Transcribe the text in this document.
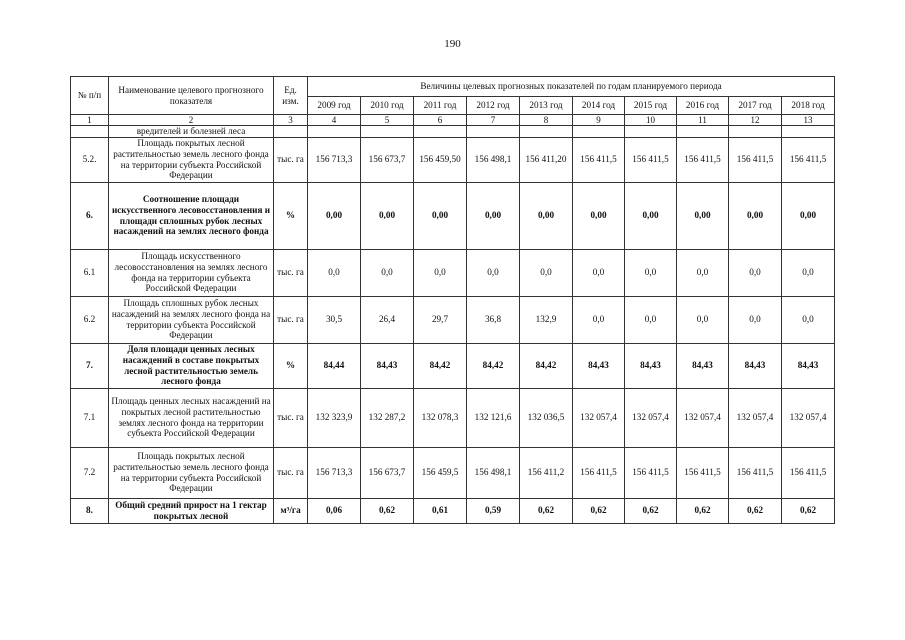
190
№ п/п	Наименование целевого прогнозного показателя	Ед. изм.	Величины целевых прогнозных показателей по годам планируемого периода									
			2009 год	2010 год	2011 год	2012 год	2013 год	2014 год	2015 год	2016 год	2017 год	2018 год
1	2	3	4	5	6	7	8	9	10	11	12	13
	вредителей и болезней леса											
5.2.	Площадь покрытых лесной растительностью земель лесного фонда на территории субъекта Российской Федерации	тыс. га	156 713,3	156 673,7	156 459,50	156 498,1	156 411,20	156 411,5	156 411,5	156 411,5	156 411,5	156 411,5
6.	Соотношение площади искусственного лесовосстановления и площади сплошных рубок лесных насаждений на землях лесного фонда	%	0,00	0,00	0,00	0,00	0,00	0,00	0,00	0,00	0,00	0,00
6.1	Площадь искусственного лесовосстановления на землях лесного фонда на территории субъекта Российской Федерации	тыс. га	0,0	0,0	0,0	0,0	0,0	0,0	0,0	0,0	0,0	0,0
6.2	Площадь сплошных рубок лесных насаждений на землях лесного фонда на территории субъекта Российской Федерации	тыс. га	30,5	26,4	29,7	36,8	132,9	0,0	0,0	0,0	0,0	0,0
7.	Доля площади ценных лесных насаждений в составе покрытых лесной растительностью земель лесного фонда	%	84,44	84,43	84,42	84,42	84,42	84,43	84,43	84,43	84,43	84,43
7.1	Площадь ценных лесных насаждений на покрытых лесной растительностью землях лесного фонда на территории субъекта Российской Федерации	тыс. га	132 323,9	132 287,2	132 078,3	132 121,6	132 036,5	132 057,4	132 057,4	132 057,4	132 057,4	132 057,4
7.2	Площадь покрытых лесной растительностью земель лесного фонда на территории субъекта Российской Федерации	тыс. га	156 713,3	156 673,7	156 459,5	156 498,1	156 411,2	156 411,5	156 411,5	156 411,5	156 411,5	156 411,5
8.	Общий средний прирост на 1 гектар покрытых лесной	м³/га	0,06	0,62	0,61	0,59	0,62	0,62	0,62	0,62	0,62	0,62
